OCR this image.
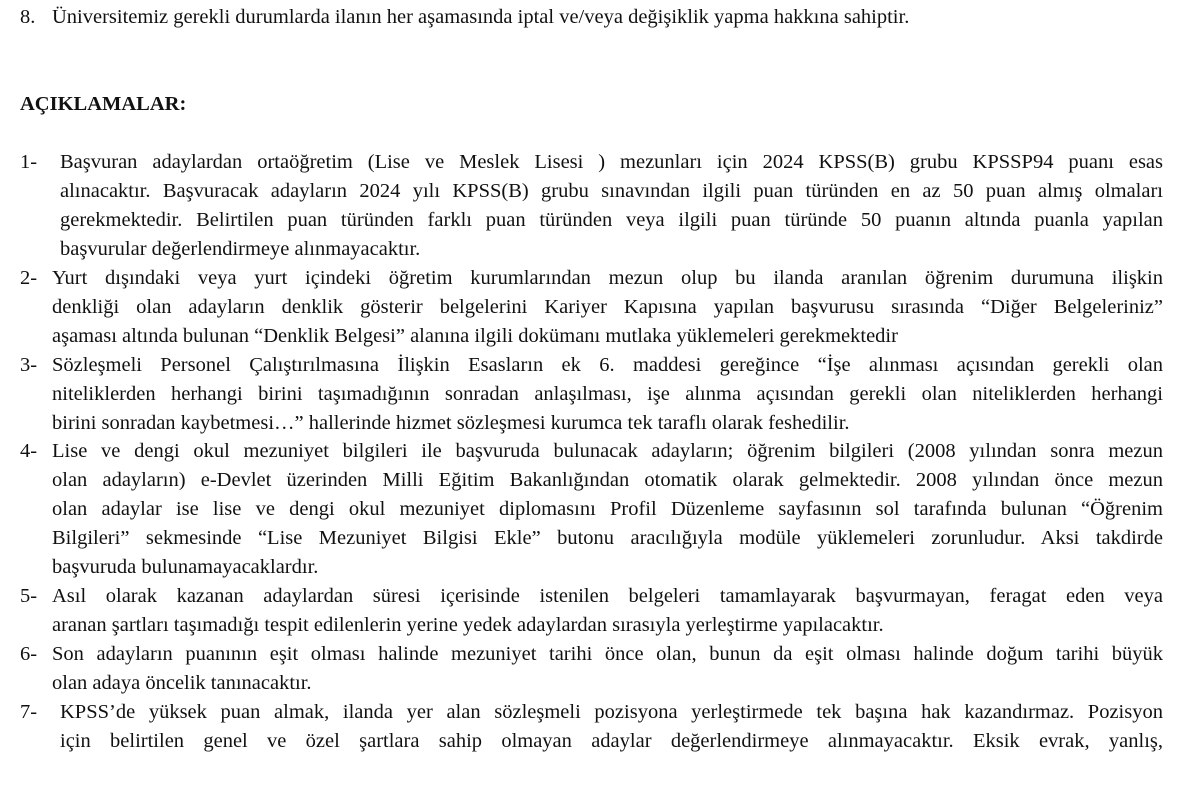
8. Üniversitemiz gerekli durumlarda ilanın her aşamasında iptal ve/veya değişiklik yapma hakkına sahiptir.
AÇIKLAMALAR:
1- Başvuran adaylardan ortaöğretim (Lise ve Meslek Lisesi ) mezunları için 2024 KPSS(B) grubu KPSSP94 puanı esas
alınacaktır. Başvuracak adayların 2024 yılı KPSS(B) grubu sınavından ilgili puan türünden en az 50 puan almış olmaları
gerekmektedir. Belirtilen puan türünden farklı puan türünden veya ilgili puan türünde 50 puanın altında puanla yapılan
başvurular değerlendirmeye alınmayacaktır.
2- Yurt dışındaki veya yurt içindeki öğretim kurumlarından mezun olup bu ilanda aranılan öğrenim durumuna ilişkin
denkliği olan adayların denklik gösterir belgelerini Kariyer Kapısına yapılan başvurusu sırasında “Diğer Belgeleriniz”
aşaması altında bulunan “Denklik Belgesi” alanına ilgili dokümanı mutlaka yüklemeleri gerekmektedir
3- Sözleşmeli Personel Çalıştırılmasına İlişkin Esasların ek 6. maddesi gereğince “İşe alınması açısından gerekli olan
niteliklerden herhangi birini taşımadığının sonradan anlaşılması, işe alınma açısından gerekli olan niteliklerden herhangi
birini sonradan kaybetmesi…” hallerinde hizmet sözleşmesi kurumca tek taraflı olarak feshedilir.
4- Lise ve dengi okul mezuniyet bilgileri ile başvuruda bulunacak adayların; öğrenim bilgileri (2008 yılından sonra mezun
olan adayların) e-Devlet üzerinden Milli Eğitim Bakanlığından otomatik olarak gelmektedir. 2008 yılından önce mezun
olan adaylar ise lise ve dengi okul mezuniyet diplomasını Profil Düzenleme sayfasının sol tarafında bulunan “Öğrenim
Bilgileri” sekmesinde “Lise Mezuniyet Bilgisi Ekle” butonu aracılığıyla modüle yüklemeleri zorunludur. Aksi takdirde
başvuruda bulunamayacaklardır.
5- Asıl olarak kazanan adaylardan süresi içerisinde istenilen belgeleri tamamlayarak başvurmayan, feragat eden veya
aranan şartları taşımadığı tespit edilenlerin yerine yedek adaylardan sırasıyla yerleştirme yapılacaktır.
6- Son adayların puanının eşit olması halinde mezuniyet tarihi önce olan, bunun da eşit olması halinde doğum tarihi büyük
olan adaya öncelik tanınacaktır.
7- KPSS’de yüksek puan almak, ilanda yer alan sözleşmeli pozisyona yerleştirmede tek başına hak kazandırmaz. Pozisyon
için belirtilen genel ve özel şartlara sahip olmayan adaylar değerlendirmeye alınmayacaktır. Eksik evrak, yanlış,
